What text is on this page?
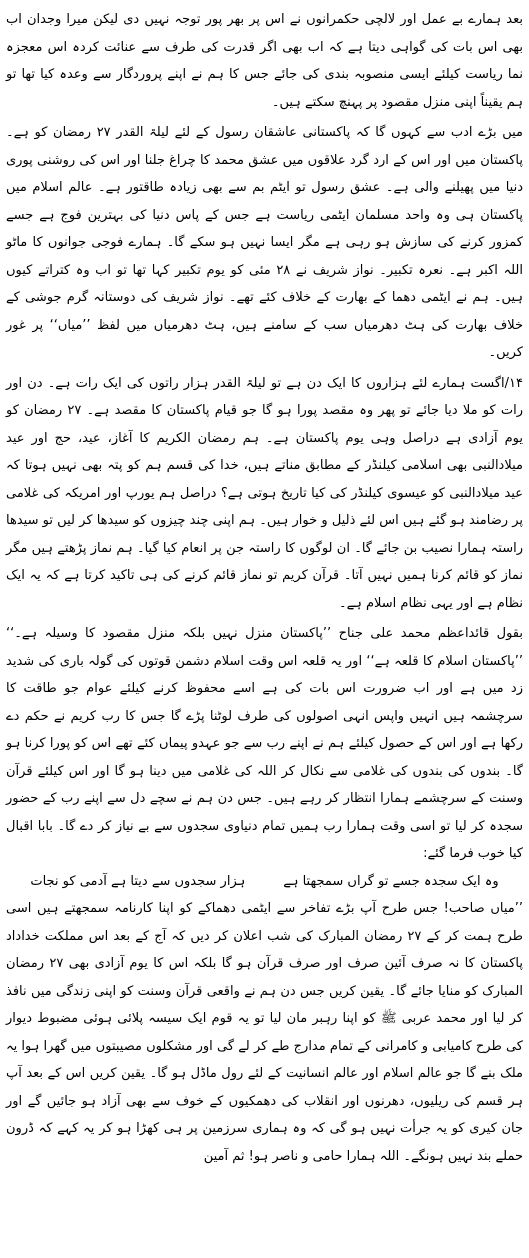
بعد ہمارے بے عمل اور لالچی حکمرانوں نے اس پر بھر پور توجہ نہیں دی لیکن میرا وجدان اب بھی اس بات کی گواہی دیتا ہے کہ اب بھی اگر قدرت کی طرف سے عنائت کردہ اس معجزہ نما ریاست کیلئے ایسی منصوبہ بندی کی جائے جس کا ہم نے اپنے پروردگار سے وعدہ کیا تھا تو ہم یقیناً اپنی منزل مقصود پر پہنچ سکتے ہیں۔

میں بڑے ادب سے کہوں گا کہ پاکستانی عاشقان رسول کے لئے لیلۃ القدر ۲۷ رمضان کو ہے۔ پاکستان میں اور اس کے ارد گرد علاقوں میں عشق محمد کا چراغ جلنا اور اس کی روشنی پوری دنیا میں پھیلنے والی ہے۔ عشق رسول تو ایٹم بم سے بھی زیادہ طاقتور ہے۔ عالم اسلام میں پاکستان ہی وہ واحد مسلمان ایٹمی ریاست ہے جس کے پاس دنیا کی بہترین فوج ہے جسے کمزور کرنے کی سازش ہو رہی ہے مگر ایسا نہیں ہو سکے گا۔ ہمارے فوجی جوانوں کا ماٹو اللہ اکبر ہے۔ نعرہ تکبیر۔ نواز شریف نے ۲۸ مئی کو یوم تکبیر کہا تھا تو اب وہ کتراتے کیوں ہیں۔ ہم نے ایٹمی دھما کے بھارت کے خلاف کئے تھے۔ نواز شریف کی دوستانہ گرم جوشی کے خلاف بھارت کی ہٹ دھرمیاں سب کے سامنے ہیں، ہٹ دھرمیاں میں لفظ ’’میاں‘‘ پر غور کریں۔

۱۴/اگست ہمارے لئے ہزاروں کا ایک دن ہے تو لیلۃ القدر ہزار راتوں کی ایک رات ہے۔ دن اور رات کو ملا دیا جائے تو پھر وہ مقصد پورا ہو گا جو قیام پاکستان کا مقصد ہے۔ ۲۷ رمضان کو یوم آزادی ہے دراصل وہی یوم پاکستان ہے۔ ہم رمضان الکریم کا آغاز، عید، حج اور عید میلادالنبی بھی اسلامی کیلنڈر کے مطابق مناتے ہیں، خدا کی قسم ہم کو پتہ بھی نہیں ہوتا کہ عید میلادالنبی کو عیسوی کیلنڈر کی کیا تاریخ ہوتی ہے؟ دراصل ہم یورپ اور امریکہ کی غلامی پر رضامند ہو گئے ہیں اس لئے ذلیل و خوار ہیں۔ ہم اپنی چند چیزوں کو سیدھا کر لیں تو سیدھا راستہ ہمارا نصیب بن جائے گا۔ ان لوگوں کا راستہ جن پر انعام کیا گیا۔ ہم نماز پڑھتے ہیں مگر نماز کو قائم کرنا ہمیں نہیں آتا۔ قرآن کریم تو نماز قائم کرنے کی ہی تاکید کرتا ہے کہ یہ ایک نظام ہے اور یہی نظام اسلام ہے۔

بقول قائداعظم محمد علی جناح ’’پاکستان منزل نہیں بلکہ منزل مقصود کا وسیلہ ہے۔‘‘ ’’پاکستان اسلام کا قلعہ ہے‘‘ اور یہ قلعہ اس وقت اسلام دشمن قوتوں کی گولہ باری کی شدید زد میں ہے اور اب ضرورت اس بات کی ہے اسے محفوظ کرنے کیلئے عوام جو طاقت کا سرچشمہ ہیں انہیں واپس انہی اصولوں کی طرف لوٹنا پڑے گا جس کا رب کریم نے حکم دے رکھا ہے اور اس کے حصول کیلئے ہم نے اپنے رب سے جو عہدو پیماں کئے تھے اس کو پورا کرنا ہو گا۔ بندوں کی بندوں کی غلامی سے نکال کر اللہ کی غلامی میں دینا ہو گا اور اس کیلئے قرآن وسنت کے سرچشمے ہمارا انتظار کر رہے ہیں۔ جس دن ہم نے سچے دل سے اپنے رب کے حضور سجدہ کر لیا تو اسی وقت ہمارا رب ہمیں تمام دنیاوی سجدوں سے بے نیاز کر دے گا۔ بابا اقبال کیا خوب فرما گئے:

وہ ایک سجدہ جسے تو گراں سمجھتا ہے
ہزار سجدوں سے دیتا ہے آدمی کو نجات

’’میاں صاحب! جس طرح آپ بڑے تفاخر سے ایٹمی دھماکے کو اپنا کارنامہ سمجھتے ہیں اسی طرح ہمت کر کے ۲۷ رمضان المبارک کی شب اعلان کر دیں کہ آج کے بعد اس مملکت خداداد پاکستان کا نہ صرف آئین صرف اور صرف قرآن ہو گا بلکہ اس کا یوم آزادی بھی ۲۷ رمضان المبارک کو منایا جائے گا۔ یقین کریں جس دن ہم نے واقعی قرآن وسنت کو اپنی زندگی میں نافذ کر لیا اور محمد عربی ﷺ کو اپنا رہبر مان لیا تو یہ قوم ایک سیسہ پلائی ہوئی مضبوط دیوار کی طرح کامیابی و کامرانی کے تمام مدارج طے کر لے گی اور مشکلوں مصیبتوں میں گھرا ہوا یہ ملک بنے گا جو عالم اسلام اور عالم انسانیت کے لئے رول ماڈل ہو گا۔ یقین کریں اس کے بعد آپ ہر قسم کی ریلیوں، دھرنوں اور انقلاب کی دھمکیوں کے خوف سے بھی آزاد ہو جائیں گے اور جان کیری کو یہ جرأت نہیں ہو گی کہ وہ ہماری سرزمین پر ہی کھڑا ہو کر یہ کہے کہ ڈرون حملے بند نہیں ہونگے۔ اللہ ہمارا حامی و ناصر ہو! ثم آمین
